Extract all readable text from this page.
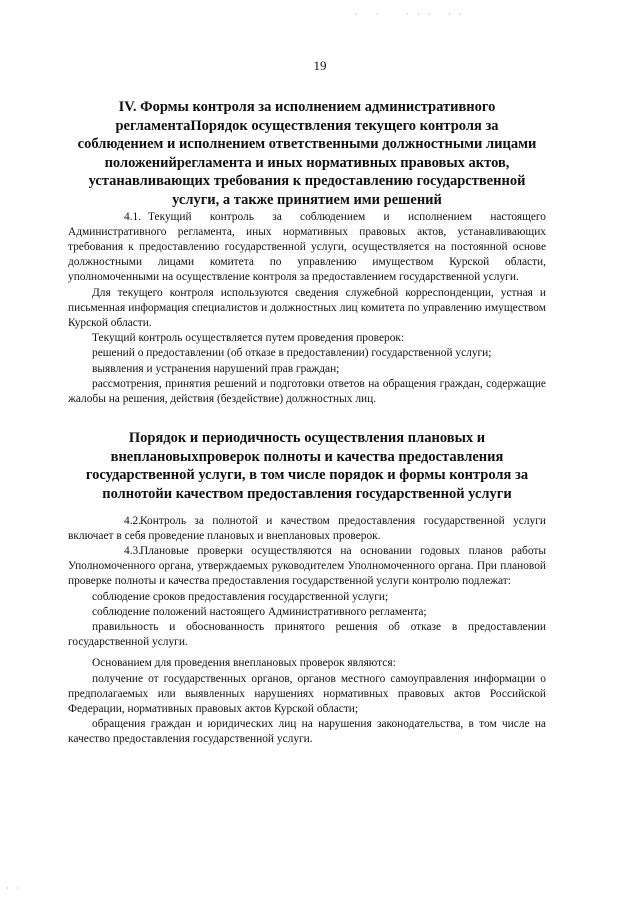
·   ·     · · ·   · ·
· ·
19
IV. Формы контроля за исполнением административного регламентаПорядок осуществления текущего контроля за соблюдением и исполнением ответственными должностными лицами положенийрегламента и иных нормативных правовых актов, устанавливающих требования к предоставлению государственной услуги, а также принятием ими решений

4.1. Текущий контроль за соблюдением и исполнением настоящего Административного регламента, иных нормативных правовых актов, устанавливающих требования к предоставлению государственной услуги, осуществляется на постоянной основе должностными лицами комитета по управлению имуществом Курской области, уполномоченными на осуществление контроля за предоставлением государственной услуги.

Для текущего контроля используются сведения служебной корреспонденции, устная и письменная информация специалистов и должностных лиц комитета по управлению имуществом Курской области.

Текущий контроль осуществляется путем проведения проверок:

решений о предоставлении (об отказе в предоставлении) государственной услуги;

выявления и устранения нарушений прав граждан;

рассмотрения, принятия решений и подготовки ответов на обращения граждан, содержащие жалобы на решения, действия (бездействие) должностных лиц.

Порядок и периодичность осуществления плановых и внеплановыхпроверок полноты и качества предоставления государственной услуги, в том числе порядок и формы контроля за полнотойи качеством предоставления государственной услуги

4.2.Контроль за полнотой и качеством предоставления государственной услуги включает в себя проведение плановых и внеплановых проверок.

4.3.Плановые проверки осуществляются на основании годовых планов работы Уполномоченного органа, утверждаемых руководителем Уполномоченного органа. При плановой проверке полноты и качества предоставления государственной услуги контролю подлежат:

соблюдение сроков предоставления государственной услуги;

соблюдение положений настоящего Административного регламента;

правильность и обоснованность принятого решения об отказе в предоставлении государственной услуги.

Основанием для проведения внеплановых проверок являются:

получение от государственных органов, органов местного самоуправления информации о предполагаемых или выявленных нарушениях нормативных правовых актов Российской Федерации, нормативных правовых актов Курской области;

обращения граждан и юридических лиц на нарушения законодательства, в том числе на качество предоставления государственной услуги.
